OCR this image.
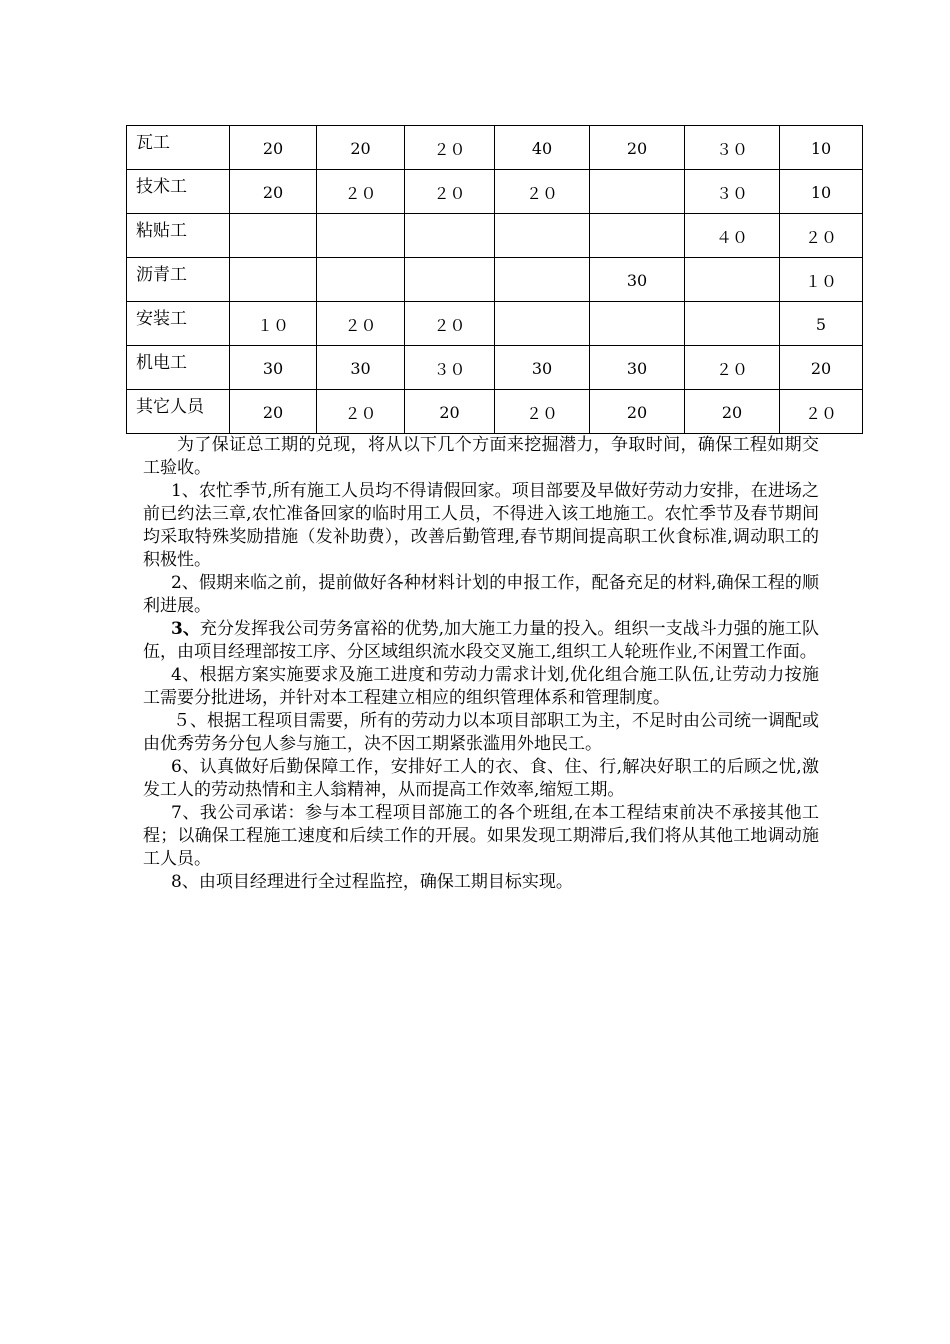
瓦工	20	20	２０	40	20	３０	10
技术工	20	２０	２０	２０		３０	10
粘贴工						４０	２０
沥青工					30		１０
安装工	１０	２０	２０				5
机电工	30	30	３０	30	30	２０	20
其它人员	20	２０	20	２０	20	20	２０

为了保证总工期的兑现，将从以下几个方面来挖掘潜力，争取时间，确保工程如期交工验收。

1、农忙季节,所有施工人员均不得请假回家。项目部要及早做好劳动力安排，在进场之前已约法三章,农忙准备回家的临时用工人员，不得进入该工地施工。农忙季节及春节期间均采取特殊奖励措施（发补助费），改善后勤管理,春节期间提高职工伙食标准,调动职工的积极性。

2、假期来临之前，提前做好各种材料计划的申报工作，配备充足的材料,确保工程的顺利进展。

3、充分发挥我公司劳务富裕的优势,加大施工力量的投入。组织一支战斗力强的施工队伍，由项目经理部按工序、分区域组织流水段交叉施工,组织工人轮班作业,不闲置工作面。

4、根据方案实施要求及施工进度和劳动力需求计划,优化组合施工队伍,让劳动力按施工需要分批进场，并针对本工程建立相应的组织管理体系和管理制度。

５、根据工程项目需要，所有的劳动力以本项目部职工为主，不足时由公司统一调配或由优秀劳务分包人参与施工，决不因工期紧张滥用外地民工。

6、认真做好后勤保障工作，安排好工人的衣、食、住、行,解决好职工的后顾之忧,激发工人的劳动热情和主人翁精神，从而提高工作效率,缩短工期。

7、我公司承诺：参与本工程项目部施工的各个班组,在本工程结束前决不承接其他工程；以确保工程施工速度和后续工作的开展。如果发现工期滞后,我们将从其他工地调动施工人员。

8、由项目经理进行全过程监控，确保工期目标实现。
